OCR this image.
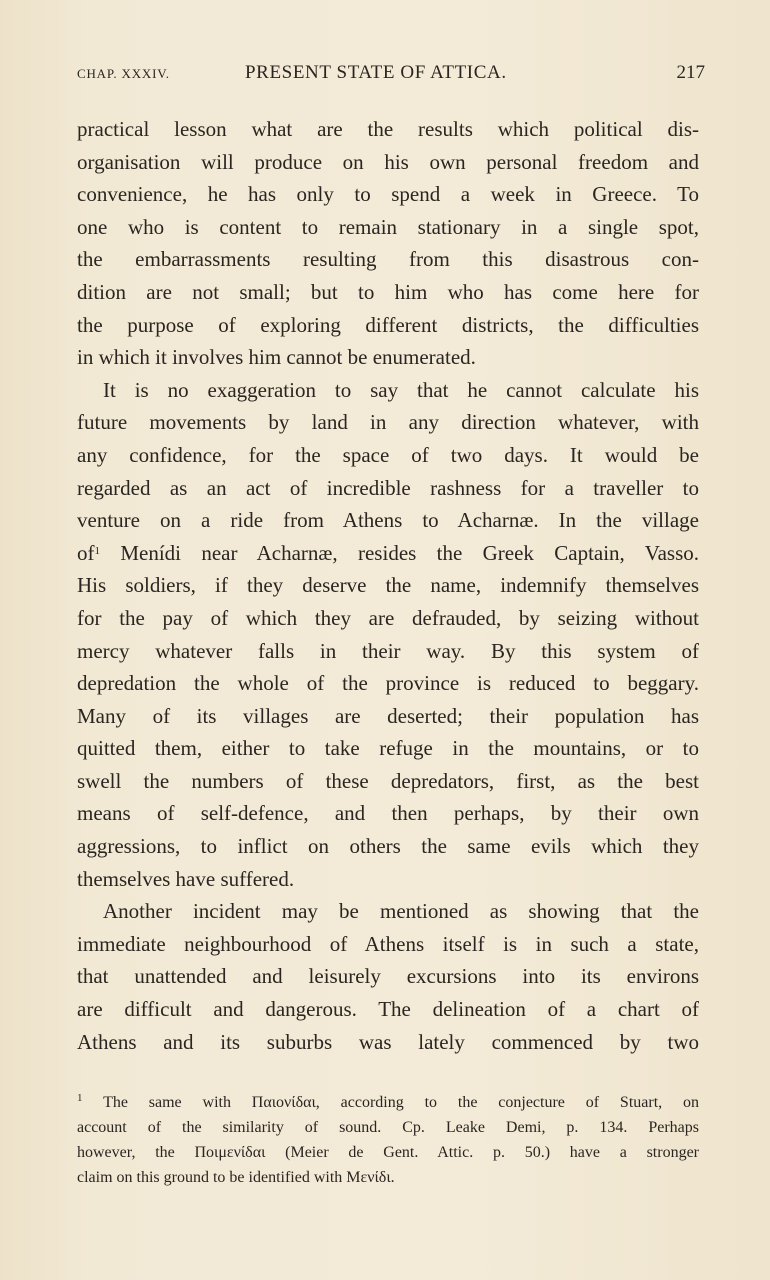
CHAP. XXXIV.	PRESENT STATE OF ATTICA.	217
practical lesson what are the results which political dis-
organisation will produce on his own personal freedom and
convenience, he has only to spend a week in Greece. To
one who is content to remain stationary in a single spot,
the embarrassments resulting from this disastrous con-
dition are not small; but to him who has come here for
the purpose of exploring different districts, the difficulties
in which it involves him cannot be enumerated.
It is no exaggeration to say that he cannot calculate his
future movements by land in any direction whatever, with
any confidence, for the space of two days. It would be
regarded as an act of incredible rashness for a traveller to
venture on a ride from Athens to Acharnæ. In the village
$of^1$ Menídi near Acharnæ, resides the Greek Captain, Vasso.
His soldiers, if they deserve the name, indemnify themselves
for the pay of which they are defrauded, by seizing without
mercy whatever falls in their way. By this system of
depredation the whole of the province is reduced to beggary.
Many of its villages are deserted; their population has
quitted them, either to take refuge in the mountains, or to
swell the numbers of these depredators, first, as the best
means of self-defence, and then perhaps, by their own
aggressions, to inflict on others the same evils which they
themselves have suffered.
Another incident may be mentioned as showing that the
immediate neighbourhood of Athens itself is in such a state,
that unattended and leisurely excursions into its environs
are difficult and dangerous. The delineation of a chart of
Athens and its suburbs was lately commenced by two
$^1$ The same with Παιονίδαι, according to the conjecture of Stuart, on
account of the similarity of sound. Cp. Leake Demi, p. 134. Perhaps
however, the Ποιμενίδαι (Meier de Gent. Attic. p. 50.) have a stronger
claim on this ground to be identified with Μενίδι.
